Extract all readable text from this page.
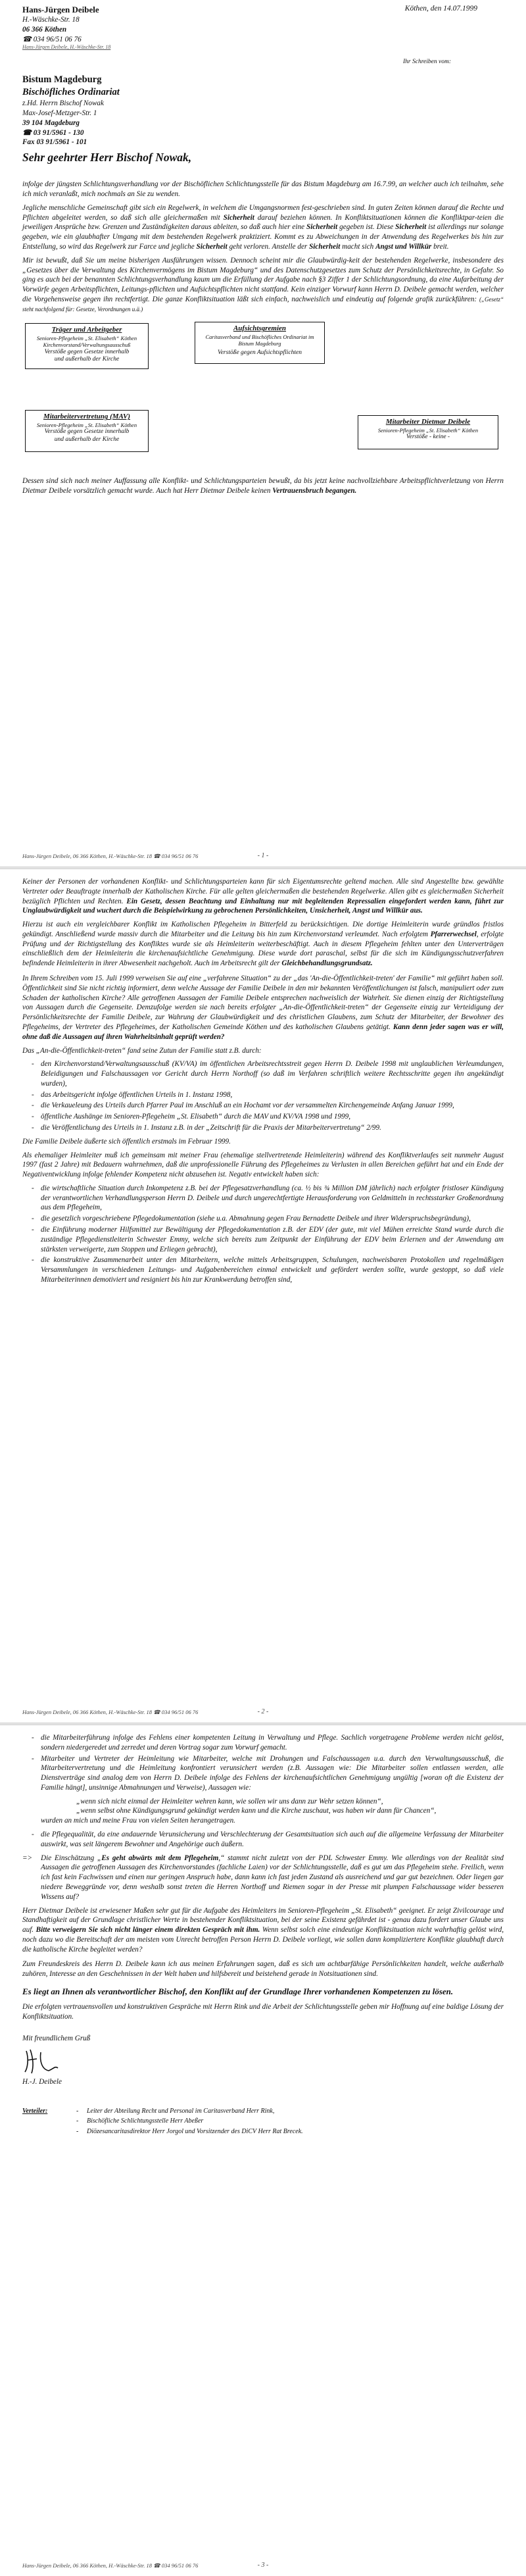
Hans-Jürgen Deibele
H.-Wäschke-Str. 18
06 366 Köthen
☎ 034 96/51 06 76
Köthen, den 14.07.1999
Hans-Jürgen Deibele, H.-Wäschke-Str. 18
Ihr Schreiben vom:
Bistum Magdeburg
Bischöfliches Ordinariat
z.Hd. Herrn Bischof Nowak
Max-Josef-Metzger-Str. 1
39 104 Magdeburg
☎ 03 91/5961 - 130
Fax 03 91/5961 - 101
Sehr geehrter Herr Bischof Nowak,

infolge der jüngsten Schlichtungsverhandlung vor der Bischöflichen Schlichtungsstelle für das Bistum Magdeburg am 16.7.99, an welcher auch ich teilnahm, sehe ich mich veranlaßt, mich nochmals an Sie zu wenden.

Jegliche menschliche Gemeinschaft gibt sich ein Regelwerk, in welchem die Umgangsnormen fest-geschrieben sind. In guten Zeiten können darauf die Rechte und Pflichten abgeleitet werden, so daß sich alle gleichermaßen mit Sicherheit darauf beziehen können. In Konfliktsituationen können die Konfliktpar-teien die jeweiligen Ansprüche bzw. Grenzen und Zuständigkeiten daraus ableiten, so daß auch hier eine Sicherheit gegeben ist. Diese Sicherheit ist allerdings nur solange gegeben, wie ein glaubhafter Umgang mit dem bestehenden Regelwerk praktiziert. Kommt es zu Abweichungen in der Anwendung des Regelwerkes bis hin zur Entstellung, so wird das Regelwerk zur Farce und jegliche Sicherheit geht verloren. Anstelle der Sicherheit macht sich Angst und Willkür breit.

Mir ist bewußt, daß Sie um meine bisherigen Ausführungen wissen. Dennoch scheint mir die Glaubwürdig-keit der bestehenden Regelwerke, insbesondere des „Gesetzes über die Verwaltung des Kirchenvermögens im Bistum Magdeburg“ und des Datenschutzgesetzes zum Schutz der Persönlichkeitsrechte, in Gefahr. So ging es auch bei der benannten Schlichtungsverhandlung kaum um die Erfüllung der Aufgabe nach §3 Ziffer 1 der Schlichtungsordnung, da eine Aufarbeitung der Vorwürfe gegen Arbeitspflichten, Leitungs-pflichten und Aufsichtspflichten nicht stattfand. Kein einziger Vorwurf kann Herrn D. Deibele gemacht werden, welcher die Vorgehensweise gegen ihn rechtfertigt. Die ganze Konfliktsituation läßt sich einfach, nachweislich und eindeutig auf folgende grafik zurückführen: („Gesetz“ steht nachfolgend für: Gesetze, Verordnungen u.ä.)

Träger und Arbeitgeber
Senioren-Pflegeheim „St. Elisabeth“ Köthen
Kirchenvorstand/Verwaltungsausschuß
Verstöße gegen Gesetze innerhalb
und außerhalb der Kirche
Aufsichtsgremien
Caritasverband und Bischöfliches Ordinariat im Bistum Magdeburg
Verstöße gegen Aufsichtspflichten
Mitarbeitervertretung (MAV)
Senioren-Pflegeheim „St. Elisabeth“ Köthen
Verstöße gegen Gesetze innerhalb
und außerhalb der Kirche
Mitarbeiter Dietmar Deibele
Senioren-Pflegeheim „St. Elisabeth“ Köthen
Verstöße - keine -

Dessen sind sich nach meiner Auffassung alle Konflikt- und Schlichtungsparteien bewußt, da bis jetzt keine nachvollziehbare Arbeitspflichtverletzung von Herrn Dietmar Deibele vorsätzlich gemacht wurde. Auch hat Herr Dietmar Deibele keinen Vertrauensbruch begangen.

Hans-Jürgen Deibele, 06 366 Köthen, H.-Wäschke-Str. 18 ☎ 034 96/51 06 76	- 1 -

Keiner der Personen der vorhandenen Konflikt- und Schlichtungsparteien kann für sich Eigentumsrechte geltend machen. Alle sind Angestellte bzw. gewählte Vertreter oder Beauftragte innerhalb der Katholischen Kirche. Für alle gelten gleichermaßen die bestehenden Regelwerke. Allen gibt es gleichermaßen Sicherheit bezüglich Pflichten und Rechten. Ein Gesetz, dessen Beachtung und Einhaltung nur mit begleitenden Repressalien eingefordert werden kann, führt zur Unglaubwürdigkeit und wuchert durch die Beispielwirkung zu gebrochenen Persönlichkeiten, Unsicherheit, Angst und Willkür aus.

Hierzu ist auch ein vergleichbarer Konflikt im Katholischen Pflegeheim in Bitterfeld zu berücksichtigen. Die dortige Heimleiterin wurde gründlos fristlos gekündigt. Anschließend wurde massiv durch die Mitarbeiter und die Leitung bis hin zum Kirchenvorstand verleumdet. Nach erfolgtem Pfarrerwechsel, erfolgte Prüfung und der Richtigstellung des Konfliktes wurde sie als Heimleiterin weiterbeschäftigt. Auch in diesem Pflegeheim fehlten unter den Unterverträgen einschließlich dem der Heimleiterin die kirchenaufsichtliche Genehmigung. Diese wurde dort paraschal, selbst für die sich im Kündigungsschutzverfahren befindende Heimleiterin in ihrer Abwesenheit nachgeholt. Auch im Arbeitsrecht gilt der Gleichbehandlungsgrundsatz.

In Ihrem Schreiben vom 15. Juli 1999 verweisen Sie auf eine „verfahrene Situation“ zu der „das 'An-die-Öffentlichkeit-treten' der Familie“ mit geführt haben soll. Öffentlichkeit sind Sie nicht richtig informiert, denn welche Aussage der Familie Deibele in den mir bekannten Veröffentlichungen ist falsch, manipuliert oder zum Schaden der katholischen Kirche? Alle getroffenen Aussagen der Familie Deibele entsprechen nachweislich der Wahrheit. Sie dienen einzig der Richtigstellung von Aussagen durch die Gegenseite. Demzufolge werden sie nach bereits erfolgter „An-die-Öffentlichkeit-treten“ der Gegenseite einzig zur Verteidigung der Persönlichkeitsrechte der Familie Deibele, zur Wahrung der Glaubwürdigkeit und des christlichen Glaubens, zum Schutz der Mitarbeiter, der Bewohner des Pflegeheims, der Vertreter des Pflegeheimes, der Katholischen Gemeinde Köthen und des katholischen Glaubens getätigt. Kann denn jeder sagen was er will, ohne daß die Aussagen auf ihren Wahrheitsinhalt geprüft werden?

Das „An-die-Öffentlichkeit-treten“ fand seine Zutun der Familie statt z.B. durch:

- den Kirchenvorstand/Verwaltungsausschuß (KV/VA) im öffentlichen Arbeitsrechtsstreit gegen Herrn D. Deibele 1998 mit unglaublichen Verleumdungen, Beleidigungen und Falschaussagen vor Gericht durch Herrn Northoff (so daß im Verfahren schriftlich weitere Rechtsschritte gegen ihn angekündigt wurden),
- das Arbeitsgericht infolge öffentlichen Urteils in 1. Instanz 1998,
- die Verkaueleung des Urteils durch Pfarrer Paul im Anschluß an ein Hochamt vor der versammelten Kirchengemeinde Anfang Januar 1999,
- öffentliche Aushänge im Senioren-Pflegeheim „St. Elisabeth“ durch die MAV und KV/VA 1998 und 1999,
- die Veröffentlichung des Urteils in 1. Instanz z.B. in der „Zeitschrift für die Praxis der Mitarbeitervertretung“ 2/99.

Die Familie Deibele äußerte sich öffentlich erstmals im Februar 1999.

Als ehemaliger Heimleiter muß ich gemeinsam mit meiner Frau (ehemalige stellvertretende Heimleiterin) während des Konfliktverlaufes seit nunmehr August 1997 (fast 2 Jahre) mit Bedauern wahrnehmen, daß die unprofessionelle Führung des Pflegeheimes zu Verlusten in allen Bereichen geführt hat und ein Ende der Negativentwicklung infolge fehlender Kompetenz nicht abzusehen ist. Negativ entwickelt haben sich:

- die wirtschaftliche Situation durch Inkompetenz z.B. bei der Pflegesatzverhandlung (ca. ½ bis ¾ Million DM jährlich) nach erfolgter fristloser Kündigung der verantwortlichen Verhandlungsperson Herrn D. Deibele und durch ungerechtfertigte Herausforderung von Geldmitteln in rechtsstarker Großenordnung aus dem Pflegeheim,
- die gesetzlich vorgeschriebene Pflegedokumentation (siehe u.a. Abmahnung gegen Frau Bernadette Deibele und ihrer Widerspruchsbegründung),
- die Einführung moderner Hilfsmittel zur Bewältigung der Pflegedokumentation z.B. der EDV (der gute, mit viel Mühen erreichte Stand wurde durch die zuständige Pflegedienstleiterin Schwester Emmy, welche sich bereits zum Zeitpunkt der Einführung der EDV beim Erlernen und der Anwendung am stärksten verweigerte, zum Stoppen und Erliegen gebracht),
- die konstruktive Zusammenarbeit unter den Mitarbeitern, welche mittels Arbeitsgruppen, Schulungen, nachweisbaren Protokollen und regelmäßigen Versammlungen in verschiedenen Leitungs- und Aufgabenbereichen einmal entwickelt und gefördert werden sollte, wurde gestoppt, so daß viele Mitarbeiterinnen demotiviert und resigniert bis hin zur Krankwerdung betroffen sind,
Hans-Jürgen Deibele, 06 366 Köthen, H.-Wäschke-Str. 18 ☎ 034 96/51 06 76	- 2 -
- die Mitarbeiterführung infolge des Fehlens einer kompetenten Leitung in Verwaltung und Pflege. Sachlich vorgetragene Probleme werden nicht gelöst, sondern niedergeredet und zerredet und deren Vortrag sogar zum Vorwurf gemacht.
- Mitarbeiter und Vertreter der Heimleitung wie Mitarbeiter, welche mit Drohungen und Falschaussagen u.a. durch den Verwaltungsausschuß, die Mitarbeitervertretung und die Heimleitung konfrontiert verunsichert werden (z.B. Aussagen wie: Die Mitarbeiter sollen entlassen werden, alle Dienstverträge sind analog dem von Herrn D. Deibele infolge des Fehlens der kirchenaufsichtlichen Genehmigung ungültig [woran oft die Existenz der Familie hängt], unsinnige Abmahnungen und Verweise), Aussagen wie:
„wenn sich nicht einmal der Heimleiter wehren kann, wie sollen wir uns dann zur Wehr setzen können“,
„wenn selbst ohne Kündigungsgrund gekündigt werden kann und die Kirche zuschaut, was haben wir dann für Chancen“,

wurden an mich und meine Frau von vielen Seiten herangetragen.

- die Pflegequalität, da eine andauernde Verunsicherung und Verschlechterung der Gesamtsituation sich auch auf die allgemeine Verfassung der Mitarbeiter auswirkt, was seit längerem Bewohner und Angehörige auch äußern.
=> Die Einschätzung „Es geht abwärts mit dem Pflegeheim,“ stammt nicht zuletzt von der PDL Schwester Emmy. Wie allerdings von der Realität sind Aussagen die getroffenen Aussagen des Kirchenvorstandes (fachliche Laien) vor der Schlichtungsstelle, daß es gut um das Pflegeheim stehe. Freilich, wenn ich fast kein Fachwissen und einen nur geringen Anspruch habe, dann kann ich fast jeden Zustand als ausreichend und gar gut bezeichnen. Oder liegen gar niedere Beweggründe vor, denn weshalb sonst treten die Herren Northoff und Riemen sogar in der Presse mit plumpen Falschaussage wider besseren Wissens auf?

Herr Dietmar Deibele ist erwiesener Maßen sehr gut für die Aufgabe des Heimleiters im Senioren-Pflegeheim „St. Elisabeth“ geeignet. Er zeigt Zivilcourage und Standhaftigkeit auf der Grundlage christlicher Werte in bestehender Konfliktsituation, bei der seine Existenz gefährdet ist - genau dazu fordert unser Glaube uns auf. Bitte verweigern Sie sich nicht länger einem direkten Gespräch mit ihm. Wenn selbst solch eine eindeutige Konfliktsituation nicht wahrhaftig gelöst wird, noch dazu wo die Bereitschaft der am meisten vom Unrecht betroffen Person Herrn D. Deibele vorliegt, wie sollen dann kompliziertere Konflikte glaubhaft durch die katholische Kirche begleitet werden?

Zum Freundeskreis des Herrn D. Deibele kann ich aus meinen Erfahrungen sagen, daß es sich um achtbarfähige Persönlichkeiten handelt, welche außerhalb zuhören, Interesse an den Geschehnissen in der Welt haben und hilfsbereit und beistehend gerade in Notsituationen sind.

Es liegt an Ihnen als verantwortlicher Bischof, den Konflikt auf der Grundlage Ihrer vorhandenen Kompetenzen zu lösen.

Die erfolgten vertrauensvollen und konstruktiven Gespräche mit Herrn Rink und die Arbeit der Schlichtungsstelle geben mir Hoffnung auf eine baldige Lösung der Konfliktsituation.

Mit freundlichem Gruß
H.-J. Deibele
Verteiler:
-	Leiter der Abteilung Recht und Personal im Caritasverband Herr Rink,
- Bischöfliche Schlichtungsstelle Herr Abeßer
- Diözesancaritasdirektor Herr Jorgol und Vorsitzender des DiCV Herr Rat Brecek.
Hans-Jürgen Deibele, 06 366 Köthen, H.-Wäschke-Str. 18 ☎ 034 96/51 06 76	- 3 -
